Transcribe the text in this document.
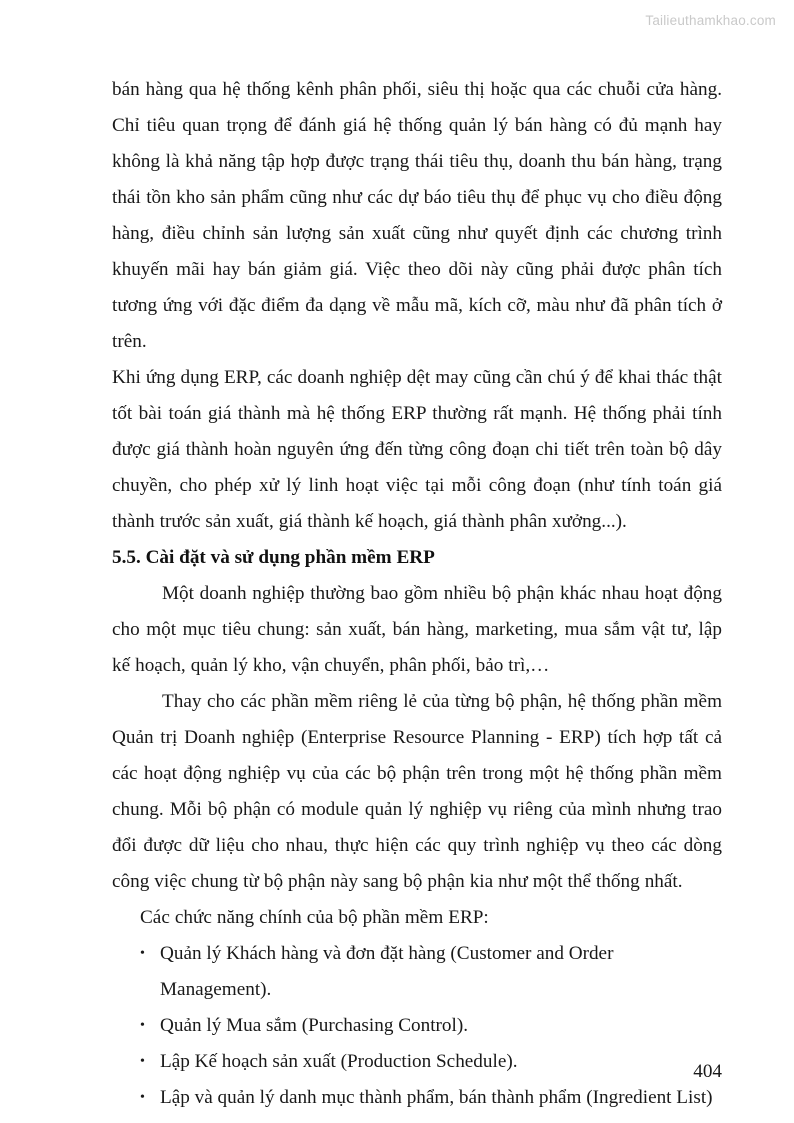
Tailieuthamkhao.com

bán hàng qua hệ thống kênh phân phối, siêu thị hoặc qua các chuỗi cửa hàng. Chỉ tiêu quan trọng để đánh giá hệ thống quản lý bán hàng có đủ mạnh hay không là khả năng tập hợp được trạng thái tiêu thụ, doanh thu bán hàng, trạng thái tồn kho sản phẩm cũng như các dự báo tiêu thụ để phục vụ cho điều động hàng, điều chỉnh sản lượng sản xuất cũng như quyết định các chương trình khuyến mãi hay bán giảm giá. Việc theo dõi này cũng phải được phân tích tương ứng với đặc điểm đa dạng về mẫu mã, kích cỡ, màu như đã phân tích ở trên.

Khi ứng dụng ERP, các doanh nghiệp dệt may cũng cần chú ý để khai thác thật tốt bài toán giá thành mà hệ thống ERP thường rất mạnh. Hệ thống phải tính được giá thành hoàn nguyên ứng đến từng công đoạn chi tiết trên toàn bộ dây chuyền, cho phép xử lý linh hoạt việc tại mỗi công đoạn (như tính toán giá thành trước sản xuất, giá thành kế hoạch, giá thành phân xưởng...).

5.5. Cài đặt và sử dụng phần mềm ERP

Một doanh nghiệp thường bao gồm nhiều bộ phận khác nhau hoạt động cho một mục tiêu chung: sản xuất, bán hàng, marketing, mua sắm vật tư, lập kế hoạch, quản lý kho, vận chuyển, phân phối, bảo trì,…

Thay cho các phần mềm riêng lẻ của từng bộ phận, hệ thống phần mềm Quản trị Doanh nghiệp (Enterprise Resource Planning - ERP) tích hợp tất cả các hoạt động nghiệp vụ của các bộ phận trên trong một hệ thống phần mềm chung. Mỗi bộ phận có module quản lý nghiệp vụ riêng của mình nhưng trao đổi được dữ liệu cho nhau, thực hiện các quy trình nghiệp vụ theo các dòng công việc chung từ bộ phận này sang bộ phận kia như một thể thống nhất.

Các chức năng chính của bộ phần mềm ERP:

• Quản lý Khách hàng và đơn đặt hàng (Customer and Order Management).
• Quản lý Mua sắm (Purchasing Control).
• Lập Kế hoạch sản xuất (Production Schedule).
• Lập và quản lý danh mục thành phẩm, bán thành phẩm (Ingredient List)
404
